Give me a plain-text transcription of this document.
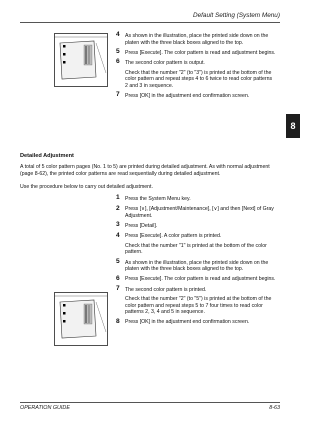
Default Setting (System Menu)
8
4 As shown in the illustration, place the printed side down on the platen with the three black boxes aligned to the top.
5 Press [Execute]. The color pattern is read and adjustment begins.
6 The second color pattern is output.
Check that the number "2" (to "3") is printed at the bottom of the color pattern and repeat steps 4 to 6 twice to read color patterns 2 and 3 in sequence.
7 Press [OK] in the adjustment end confirmation screen.
Detailed Adjustment
A total of 5 color pattern pages (No. 1 to 5) are printed during detailed adjustment. As with normal adjustment (page 8-62), the printed color patterns are read sequentially during detailed adjustment.
Use the procedure below to carry out detailed adjustment.
1 Press the System Menu key.
2 Press [∨], [Adjustment/Maintenance], [∨] and then [Next] of Gray Adjustment.
3 Press [Detail].
4 Press [Execute]. A color pattern is printed.
Check that the number "1" is printed at the bottom of the color pattern.
5 As shown in the illustration, place the printed side down on the platen with the three black boxes aligned to the top.
6 Press [Execute]. The color pattern is read and adjustment begins.
7 The second color pattern is printed.
Check that the number "2" (to "5") is printed at the bottom of the color pattern and repeat steps 5 to 7 four times to read color patterns 2, 3, 4 and 5 in sequence.
8 Press [OK] in the adjustment end confirmation screen.
OPERATION GUIDE	8-63
